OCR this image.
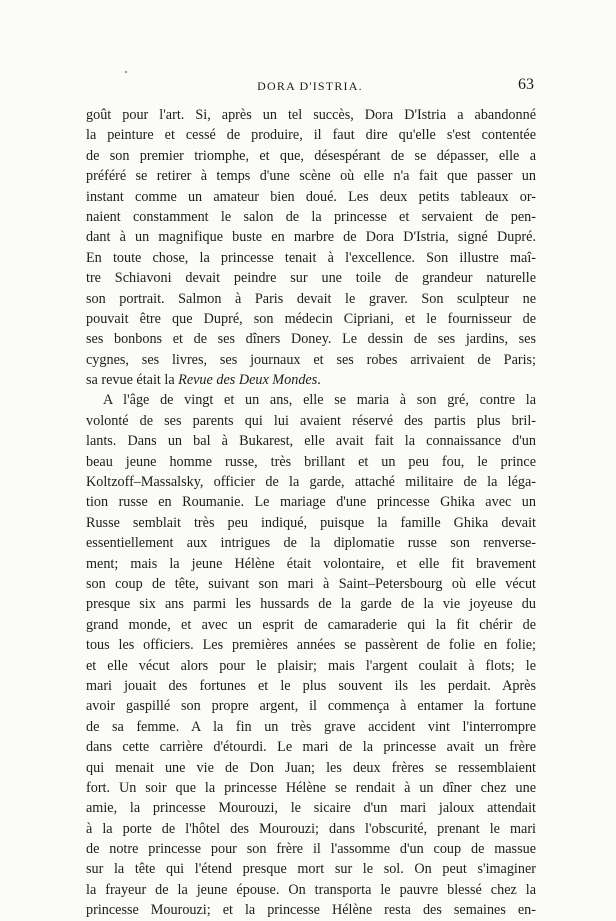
DORA D'ISTRIA.	63
goût pour l'art. Si, après un tel succès, Dora D'Istria a abandonné
la peinture et cessé de produire, il faut dire qu'elle s'est contentée
de son premier triomphe, et que, désespérant de se dépasser, elle a
préféré se retirer à temps d'une scène où elle n'a fait que passer un
instant comme un amateur bien doué. Les deux petits tableaux or-
naient constamment le salon de la princesse et servaient de pen-
dant à un magnifique buste en marbre de Dora D'Istria, signé Dupré.
En toute chose, la princesse tenait à l'excellence. Son illustre maî-
tre Schiavoni devait peindre sur une toile de grandeur naturelle
son portrait. Salmon à Paris devait le graver. Son sculpteur ne
pouvait être que Dupré, son médecin Cipriani, et le fournisseur de
ses bonbons et de ses dîners Doney. Le dessin de ses jardins, ses
cygnes, ses livres, ses journaux et ses robes arrivaient de Paris;
sa revue était la Revue des Deux Mondes.
A l'âge de vingt et un ans, elle se maria à son gré, contre la
volonté de ses parents qui lui avaient réservé des partis plus bril-
lants. Dans un bal à Bukarest, elle avait fait la connaissance d'un
beau jeune homme russe, très brillant et un peu fou, le prince
Koltzoff–Massalsky, officier de la garde, attaché militaire de la léga-
tion russe en Roumanie. Le mariage d'une princesse Ghika avec un
Russe semblait très peu indiqué, puisque la famille Ghika devait
essentiellement aux intrigues de la diplomatie russe son renverse-
ment; mais la jeune Hélène était volontaire, et elle fit bravement
son coup de tête, suivant son mari à Saint–Petersbourg où elle vécut
presque six ans parmi les hussards de la garde de la vie joyeuse du
grand monde, et avec un esprit de camaraderie qui la fit chérir de
tous les officiers. Les premières années se passèrent de folie en folie;
et elle vécut alors pour le plaisir; mais l'argent coulait à flots; le
mari jouait des fortunes et le plus souvent ils les perdait. Après
avoir gaspillé son propre argent, il commença à entamer la fortune
de sa femme. A la fin un très grave accident vint l'interrompre
dans cette carrière d'étourdi. Le mari de la princesse avait un frère
qui menait une vie de Don Juan; les deux frères se ressemblaient
fort. Un soir que la princesse Hélène se rendait à un dîner chez une
amie, la princesse Mourouzi, le sicaire d'un mari jaloux attendait
à la porte de l'hôtel des Mourouzi; dans l'obscurité, prenant le mari
de notre princesse pour son frère il l'assomme d'un coup de massue
sur la tête qui l'étend presque mort sur le sol. On peut s'imaginer
la frayeur de la jeune épouse. On transporta le pauvre blessé chez la
princesse Mourouzi; et la princesse Hélène resta des semaines en-
